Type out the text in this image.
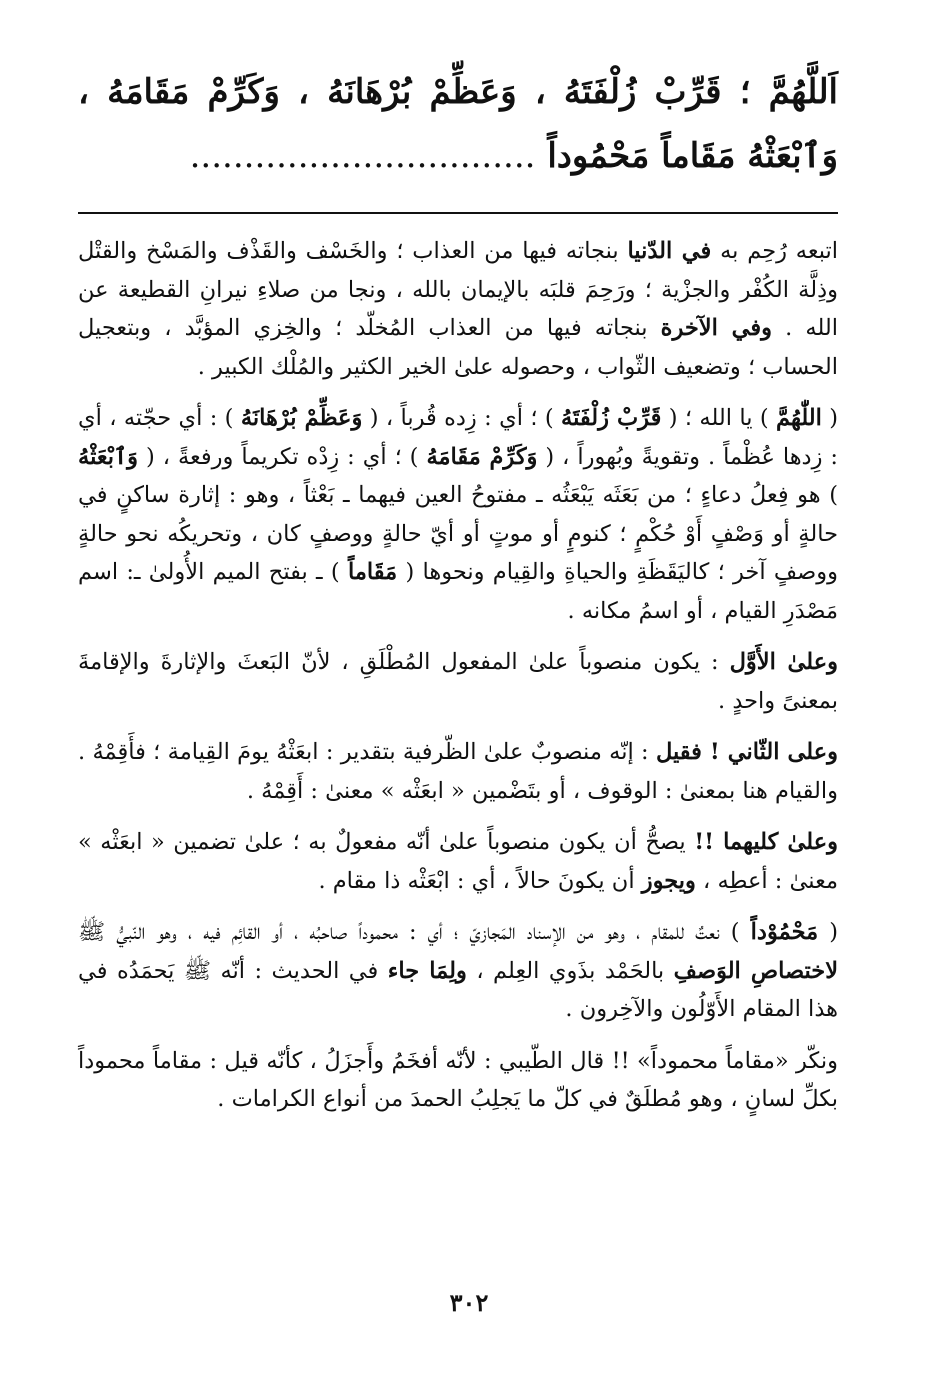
اَللَّهُمَّ ؛ قَرِّبْ زُلْفَتَهُ ، وَعَظِّمْ بُرْهَانَهُ ، وَكَرِّمْ مَقَامَهُ ، وَٱبْعَثْهُ مَقَاماً مَحْمُوداً ................................

اتبعه رُحِم به في الدّنيا بنجاته فيها من العذاب ؛ والخَسْف والقَذْف والمَسْخ والقتْل وذِلَّة الكُفْر والجزْية ؛ ورَحِمَ قلبَه بالإيمان بالله ، ونجا من صلاءِ نيرانِ القطيعة عن الله . وفي الآخرة بنجاته فيها من العذاب المُخلّد ؛ والخِزي المؤبَّد ، وبتعجيل الحساب ؛ وتضعيف الثّواب ، وحصوله علىٰ الخير الكثير والمُلْك الكبير .

( اللّٰهُمَّ ) يا الله ؛ ( قَرِّبْ زُلْفَتَهُ ) ؛ أي : زِده قُرباً ، ( وَعَظِّمْ بُرْهَانَهُ ) : أي حجّته ، أي : زِدها عُظْماً . وتقويةً وبُهوراً ، ( وَكَرِّمْ مَقَامَهُ ) ؛ أي : زِدْه تكريماً ورفعةً ، ( وَٱبْعَثْهُ ) هو فِعلُ دعاءٍ ؛ من بَعَثَه يَبْعَثُه ـ مفتوحُ العين فيهما ـ بَعْثاً ، وهو : إثارة ساكنٍ في حالةٍ أو وَصْفٍ أَوْ حُكْمٍ ؛ كنومٍ أو موتٍ أو أيّ حالةٍ ووصفٍ كان ، وتحريكُه نحو حالةٍ ووصفٍ آخر ؛ كاليَقَظَةِ والحياةِ والقِيام ونحوها ( مَقَاماً ) ـ بفتح الميم الأُولىٰ ـ: اسم مَصْدَرِ القيام ، أو اسمُ مكانه .

وعلىٰ الأَوَّل : يكون منصوباً علىٰ المفعول المُطْلَقِ ، لأنّ البَعثَ والإثارةَ والإقامةَ بمعنىً واحدٍ .

وعلى الثّاني ! فقيل : إنّه منصوبٌ علىٰ الظّرفية بتقدير : ابعَثْهُ يومَ القِيامة ؛ فأَقِمْهُ . والقيام هنا بمعنىٰ : الوقوف ، أو بتَضْمين « ابعَثْه » معنىٰ : أَقِمْهُ .

وعلىٰ كليهما !! يصحُّ أن يكون منصوباً علىٰ أنّه مفعولٌ به ؛ علىٰ تضمين « ابعَثْه » معنىٰ : أعطِه ، ويجوز أن يكونَ حالاً ، أي : ابْعَثْه ذا مقام .

( مَحْمُوْداً ) نعتٌ للمقام ، وهو من الإسناد المَجازيّ ؛ أي : محموداً صاحبُه ، أو القائِم فيه ، وهو النّبيُّ ﷺ لاختصاصِ الوَصفِ بالحَمْد بذَوي العِلم ، ولِمَا جاء في الحديث : أنّه ﷺ يَحمَدُه في هذا المقام الأَوّلُون والآخِرون .

ونكّر «مقاماً محموداً» !! قال الطّيبي : لأنّه أفخَمُ وأَجزَلُ ، كأنّه قيل : مقاماً محموداً بكلِّ لسانٍ ، وهو مُطلَقٌ في كلّ ما يَجلِبُ الحمدَ من أنواع الكرامات .

٣٠٢
